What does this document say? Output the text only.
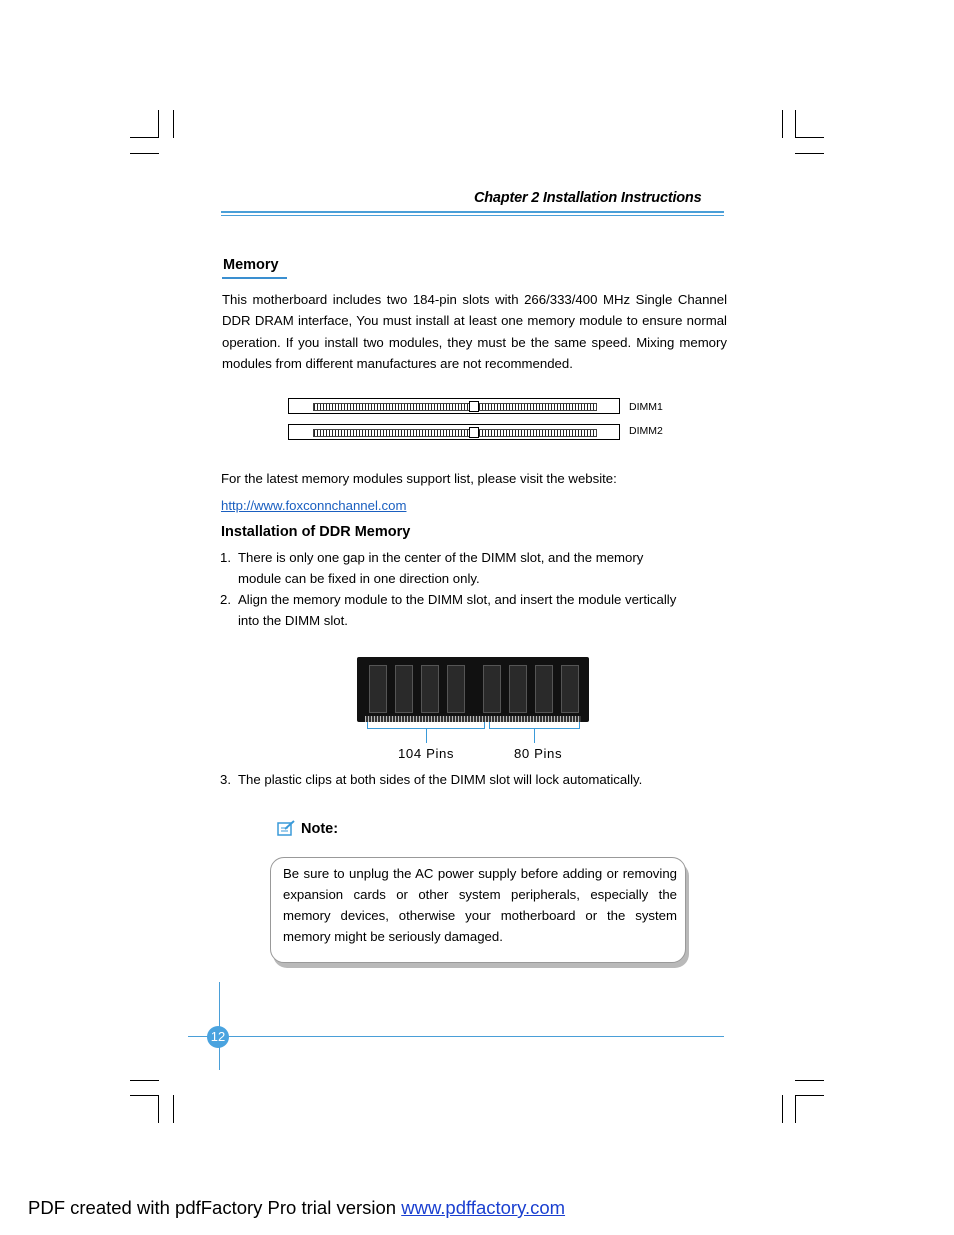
Chapter 2 Installation Instructions
Memory
This motherboard includes two 184-pin slots with 266/333/400 MHz Single Channel DDR DRAM interface, You must install at least one memory module to ensure normal operation. If you install two modules, they must be the same speed. Mixing memory modules from different manufactures are not recommended.
DIMM1
DIMM2
For the latest memory modules support list, please visit the website:
http://www.foxconnchannel.com
Installation of DDR Memory
1. There is only one gap in the center of the DIMM slot, and the memory module can be fixed in one direction only.
2. Align the memory module to the DIMM slot, and insert the module vertically into the DIMM slot.
104 Pins	80 Pins
3. The plastic clips at both sides of the DIMM slot will lock automatically.
Note:
Be sure to unplug the AC power supply before adding or removing expansion cards or other system peripherals, especially the memory devices, otherwise your motherboard or the system memory might be seriously damaged.
12
PDF created with pdfFactory Pro trial version www.pdffactory.com
